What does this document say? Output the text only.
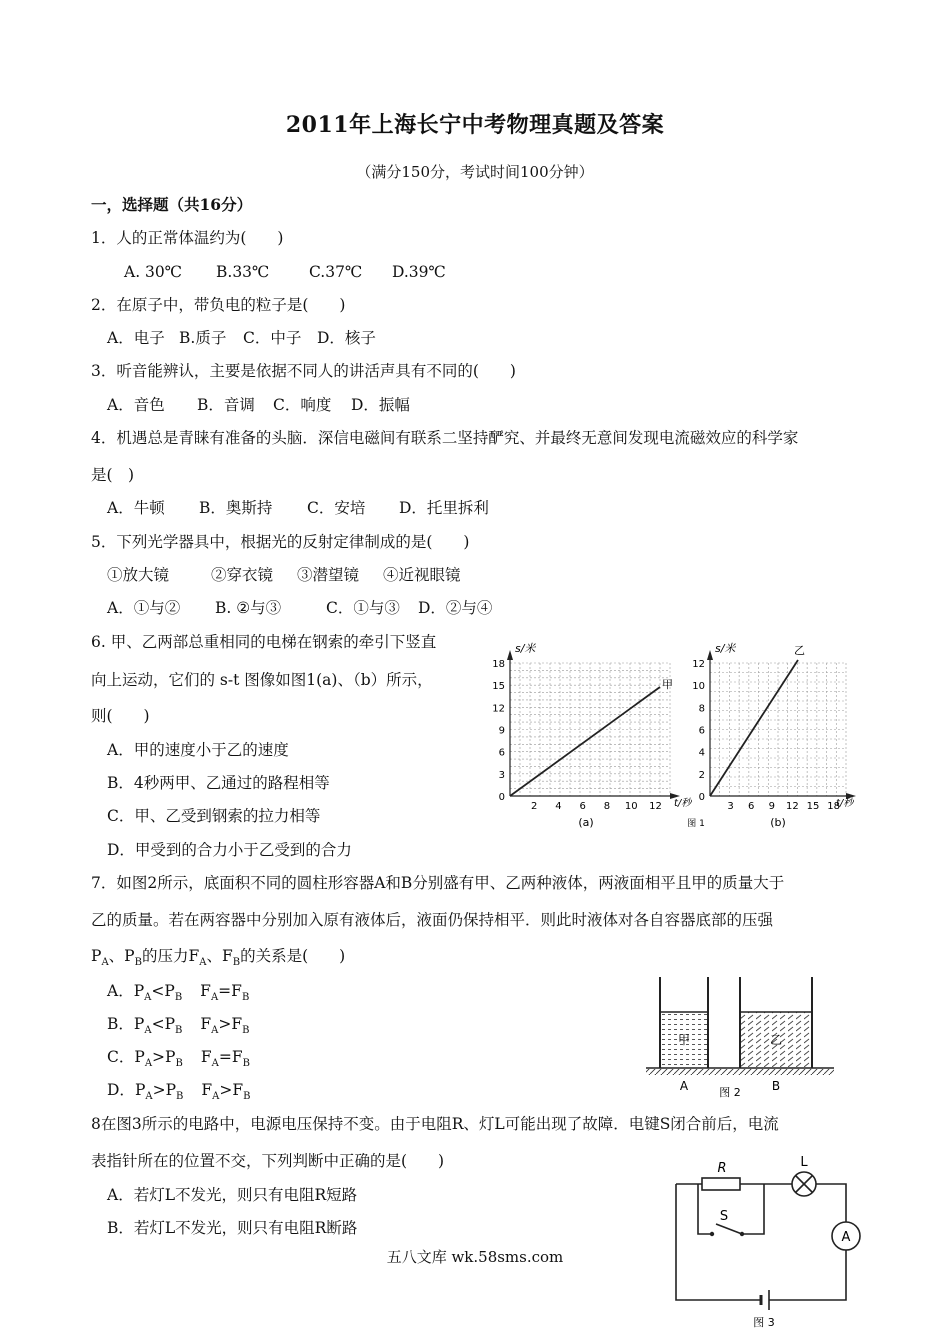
2011年上海长宁中考物理真题及答案
（满分150分，考试时间100分钟）
一，选择题（共16分）
1．人的正常体温约为(　　)
A. 30℃ B.33℃	C.37℃ D.39℃
2．在原子中，带负电的粒子是(　　)
A．电子 B.质子 C．中子 D．核子
3．听音能辨认，主要是依据不同人的讲活声具有不同的(　　)
A．音色 B．音调 C．响度 D．振幅
4．机遇总是青睐有准备的头脑．深信电磁间有联系二坚持酽究、并最终无意间发现电流磁效应的科学家
是(　)
A．牛顿 B．奥斯持 C．安培 D．托里拆利
5．下列光学器具中，根据光的反射定律制成的是(　　)
①放大镜	②穿衣镜 ③潜望镜 ④近视眼镜
A．①与② B. ②与③	C．①与③ D．②与④
6. 甲、乙两部总重相同的电梯在钢索的牵引下竖直
向上运动，它们的 s-t 图像如图1(a)、（b）所示，
则(　　)
A．甲的速度小于乙的速度
B．4秒两甲、乙通过的路程相等
C．甲、乙受到钢索的拉力相等
D．甲受到的合力小于乙受到的合力
s/米
t/秒
甲
0
3
6
9
12
15
18
2 4 6 8 10 12
(a)
s/米
t/秒
乙
0
2
4
6
8
10
12
3 6 9 12 15 18
(b)
图 1
7．如图2所示，底面积不同的圆柱形容器A和B分别盛有甲、乙两种液体，两液面相平且甲的质量大于
乙的质量。若在两容器中分别加入原有液体后，液面仍保持相平．则此时液体对各自容器底部的压强
$P_A$、$P_B$的压力$F_A$、$F_B$的关系是(　　)
A．$P_A<P_B$ $F_A=F_B$
B．$P_A<P_B$ $F_A>F_B$
C．$P_A>P_B$ $F_A=F_B$
D．$P_A>P_B$ $F_A>F_B$
甲	乙
A	B
图 2
8在图3所示的电路中，电源电压保持不变。由于电阻R、灯L可能出现了故障．电键S闭合前后，电流
表指针所在的位置不交，下列判断中正确的是(　　)
A．若灯L不发光，则只有电阻R短路
B．若灯L不发光，则只有电阻R断路
R	L
S
A
图 3
五八文库 wk.58sms.com
